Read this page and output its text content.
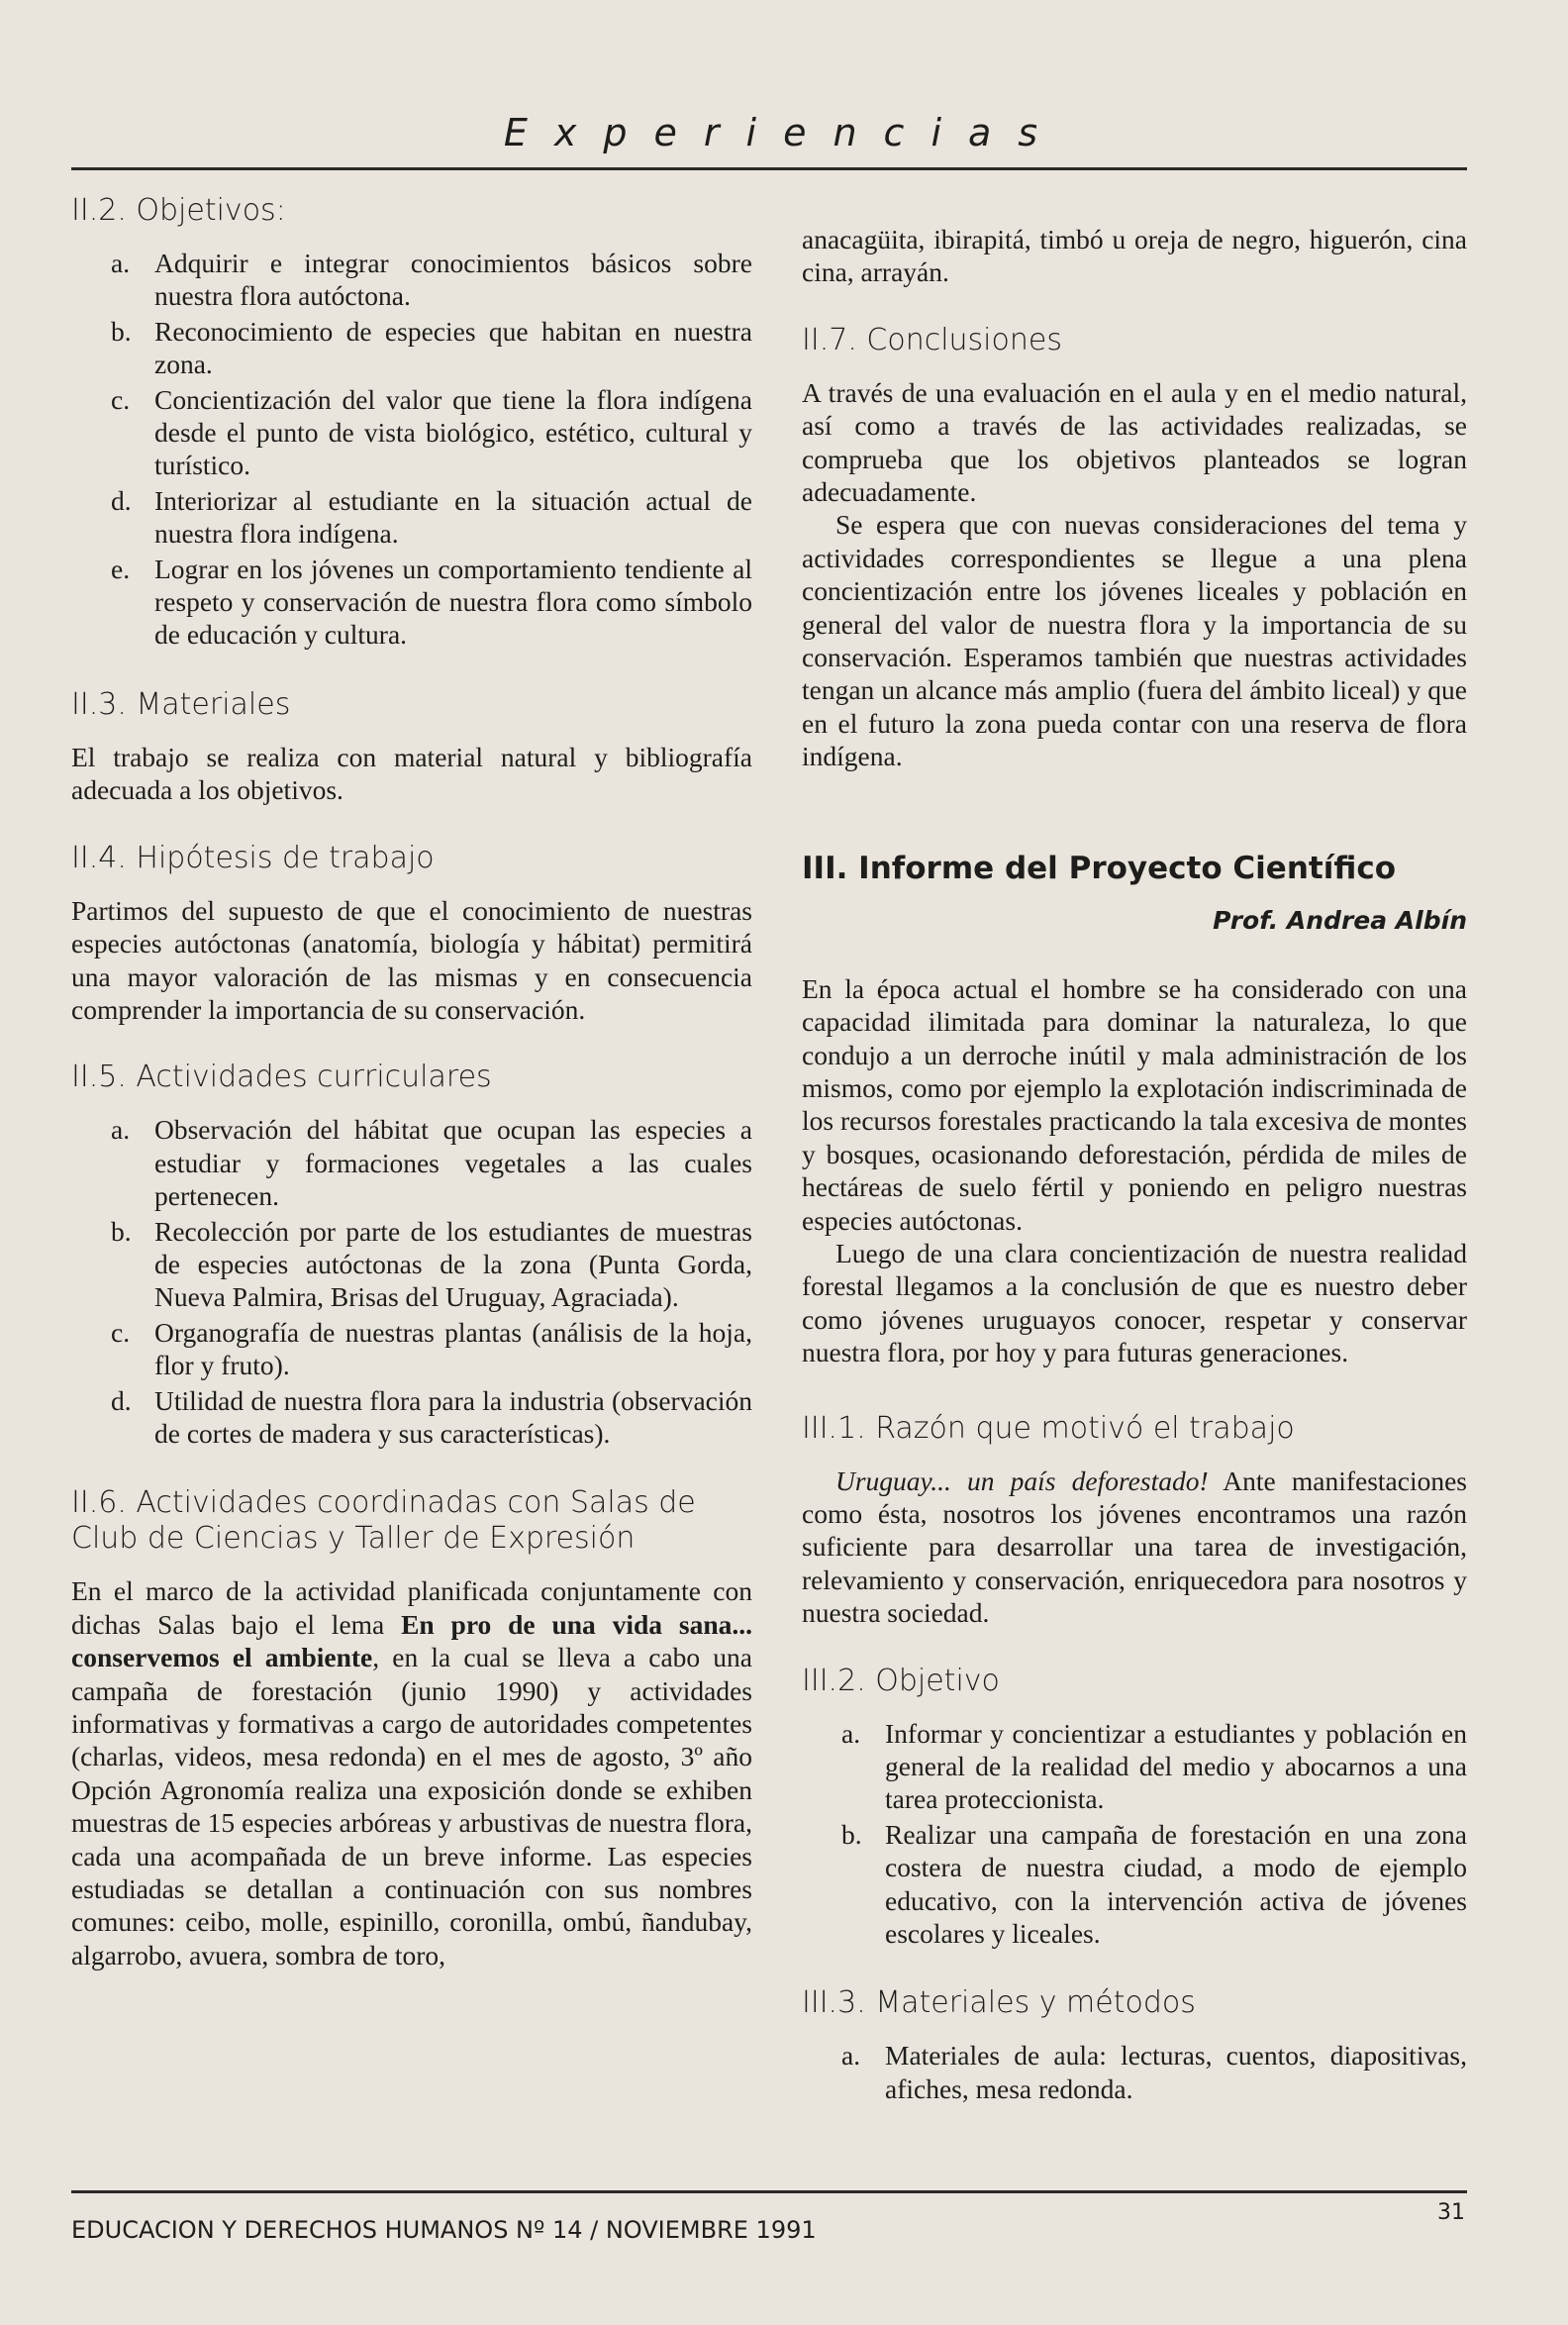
Experiencias
II.2. Objetivos:
a. Adquirir e integrar conocimientos básicos sobre nuestra flora autóctona.
b. Reconocimiento de especies que habitan en nuestra zona.
c. Concientización del valor que tiene la flora indígena desde el punto de vista biológico, estético, cultural y turístico.
d. Interiorizar al estudiante en la situación actual de nuestra flora indígena.
e. Lograr en los jóvenes un comportamiento tendiente al respeto y conservación de nuestra flora como símbolo de educación y cultura.
II.3. Materiales

El trabajo se realiza con material natural y bibliografía adecuada a los objetivos.

II.4. Hipótesis de trabajo

Partimos del supuesto de que el conocimiento de nuestras especies autóctonas (anatomía, biología y hábitat) permitirá una mayor valoración de las mismas y en consecuencia comprender la importancia de su conservación.

II.5. Actividades curriculares
a. Observación del hábitat que ocupan las especies a estudiar y formaciones vegetales a las cuales pertenecen.
b. Recolección por parte de los estudiantes de muestras de especies autóctonas de la zona (Punta Gorda, Nueva Palmira, Brisas del Uruguay, Agraciada).
c. Organografía de nuestras plantas (análisis de la hoja, flor y fruto).
d. Utilidad de nuestra flora para la industria (observación de cortes de madera y sus características).
II.6. Actividades coordinadas con Salas de Club de Ciencias y Taller de Expresión

En el marco de la actividad planificada conjuntamente con dichas Salas bajo el lema En pro de una vida sana... conservemos el ambiente, en la cual se lleva a cabo una campaña de forestación (junio 1990) y actividades informativas y formativas a cargo de autoridades competentes (charlas, videos, mesa redonda) en el mes de agosto, 3º año Opción Agronomía realiza una exposición donde se exhiben muestras de 15 especies arbóreas y arbustivas de nuestra flora, cada una acompañada de un breve informe. Las especies estudiadas se detallan a continuación con sus nombres comunes: ceibo, molle, espinillo, coronilla, ombú, ñandubay, algarrobo, avuera, sombra de toro,

anacagüita, ibirapitá, timbó u oreja de negro, higuerón, cina cina, arrayán.

II.7. Conclusiones

A través de una evaluación en el aula y en el medio natural, así como a través de las actividades realizadas, se comprueba que los objetivos planteados se logran adecuadamente.

Se espera que con nuevas consideraciones del tema y actividades correspondientes se llegue a una plena concientización entre los jóvenes liceales y población en general del valor de nuestra flora y la importancia de su conservación. Esperamos también que nuestras actividades tengan un alcance más amplio (fuera del ámbito liceal) y que en el futuro la zona pueda contar con una reserva de flora indígena.

III. Informe del Proyecto Científico
Prof. Andrea Albín

En la época actual el hombre se ha considerado con una capacidad ilimitada para dominar la naturaleza, lo que condujo a un derroche inútil y mala administración de los mismos, como por ejemplo la explotación indiscriminada de los recursos forestales practicando la tala excesiva de montes y bosques, ocasionando deforestación, pérdida de miles de hectáreas de suelo fértil y poniendo en peligro nuestras especies autóctonas.

Luego de una clara concientización de nuestra realidad forestal llegamos a la conclusión de que es nuestro deber como jóvenes uruguayos conocer, respetar y conservar nuestra flora, por hoy y para futuras generaciones.

III.1. Razón que motivó el trabajo

Uruguay... un país deforestado! Ante manifestaciones como ésta, nosotros los jóvenes encontramos una razón suficiente para desarrollar una tarea de investigación, relevamiento y conservación, enriquecedora para nosotros y nuestra sociedad.

III.2. Objetivo
a. Informar y concientizar a estudiantes y población en general de la realidad del medio y abocarnos a una tarea proteccionista.
b. Realizar una campaña de forestación en una zona costera de nuestra ciudad, a modo de ejemplo educativo, con la intervención activa de jóvenes escolares y liceales.
III.3. Materiales y métodos
a. Materiales de aula: lecturas, cuentos, diapositivas, afiches, mesa redonda.
EDUCACION Y DERECHOS HUMANOS Nº 14 / NOVIEMBRE 1991
31
